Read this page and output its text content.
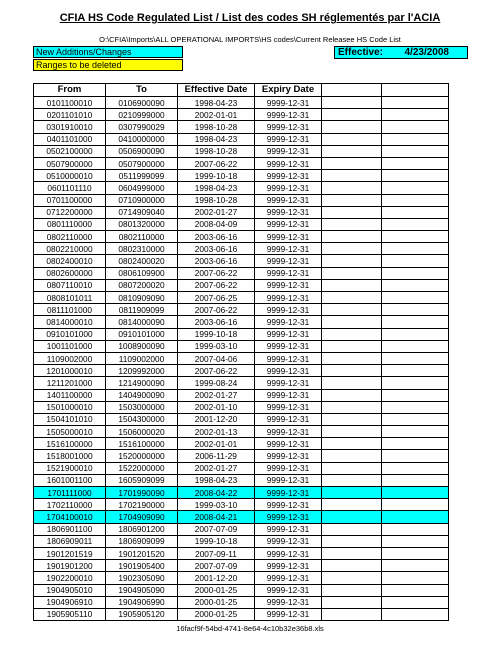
CFIA HS Code Regulated List / List des codes SH réglementés par l'ACIA
O:\CFIA\Imports\ALL OPERATIONAL IMPORTS\HS codes\Current Releasee HS Code List
New Additions/Changes
Ranges to be deleted
Effective: 4/23/2008
From	To	Effective Date	Expiry Date		
0101100010	0106900090	1998-04-23	9999-12-31		
0201101010	0210999000	2002-01-01	9999-12-31		
0301910010	0307990029	1998-10-28	9999-12-31		
0401101000	0410000000	1998-04-23	9999-12-31		
0502100000	0506900090	1998-10-28	9999-12-31		
0507900000	0507900000	2007-06-22	9999-12-31		
0510000010	0511999099	1999-10-18	9999-12-31		
0601101110	0604999000	1998-04-23	9999-12-31		
0701100000	0710900000	1998-10-28	9999-12-31		
0712200000	0714909040	2002-01-27	9999-12-31		
0801110000	0801320000	2008-04-09	9999-12-31		
0802110000	0802110000	2003-06-16	9999-12-31		
0802210000	0802310000	2003-06-16	9999-12-31		
0802400010	0802400020	2003-06-16	9999-12-31		
0802600000	0806109900	2007-06-22	9999-12-31		
0807110010	0807200020	2007-06-22	9999-12-31		
0808101011	0810909090	2007-06-25	9999-12-31		
0811101000	0811909099	2007-06-22	9999-12-31		
0814000010	0814000090	2003-06-16	9999-12-31		
0910101000	0910101000	1999-10-18	9999-12-31		
1001101000	1008900090	1999-03-10	9999-12-31		
1109002000	1109002000	2007-04-06	9999-12-31		
1201000010	1209992000	2007-06-22	9999-12-31		
1211201000	1214900090	1999-08-24	9999-12-31		
1401100000	1404900090	2002-01-27	9999-12-31		
1501000010	1503000000	2002-01-10	9999-12-31		
1504101010	1504300000	2001-12-20	9999-12-31		
1505000010	1506000020	2002-01-13	9999-12-31		
1516100000	1516100000	2002-01-01	9999-12-31		
1518001000	1520000000	2006-11-29	9999-12-31		
1521900010	1522000000	2002-01-27	9999-12-31		
1601001100	1605909099	1998-04-23	9999-12-31		
1701111000	1701990090	2008-04-22	9999-12-31		
1702110000	1702190000	1999-03-10	9999-12-31		
1704100010	1704909090	2008-04-21	9999-12-31		
1806901100	1806901200	2007-07-09	9999-12-31		
1806909011	1806909099	1999-10-18	9999-12-31		
1901201519	1901201520	2007-09-11	9999-12-31		
1901901200	1901905400	2007-07-09	9999-12-31		
1902200010	1902305090	2001-12-20	9999-12-31		
1904905010	1904905090	2000-01-25	9999-12-31		
1904906910	1904906990	2000-01-25	9999-12-31		
1905905110	1905905120	2000-01-25	9999-12-31		
16facf9f-54bd-4741-8e64-4c10b32e36b8.xls
